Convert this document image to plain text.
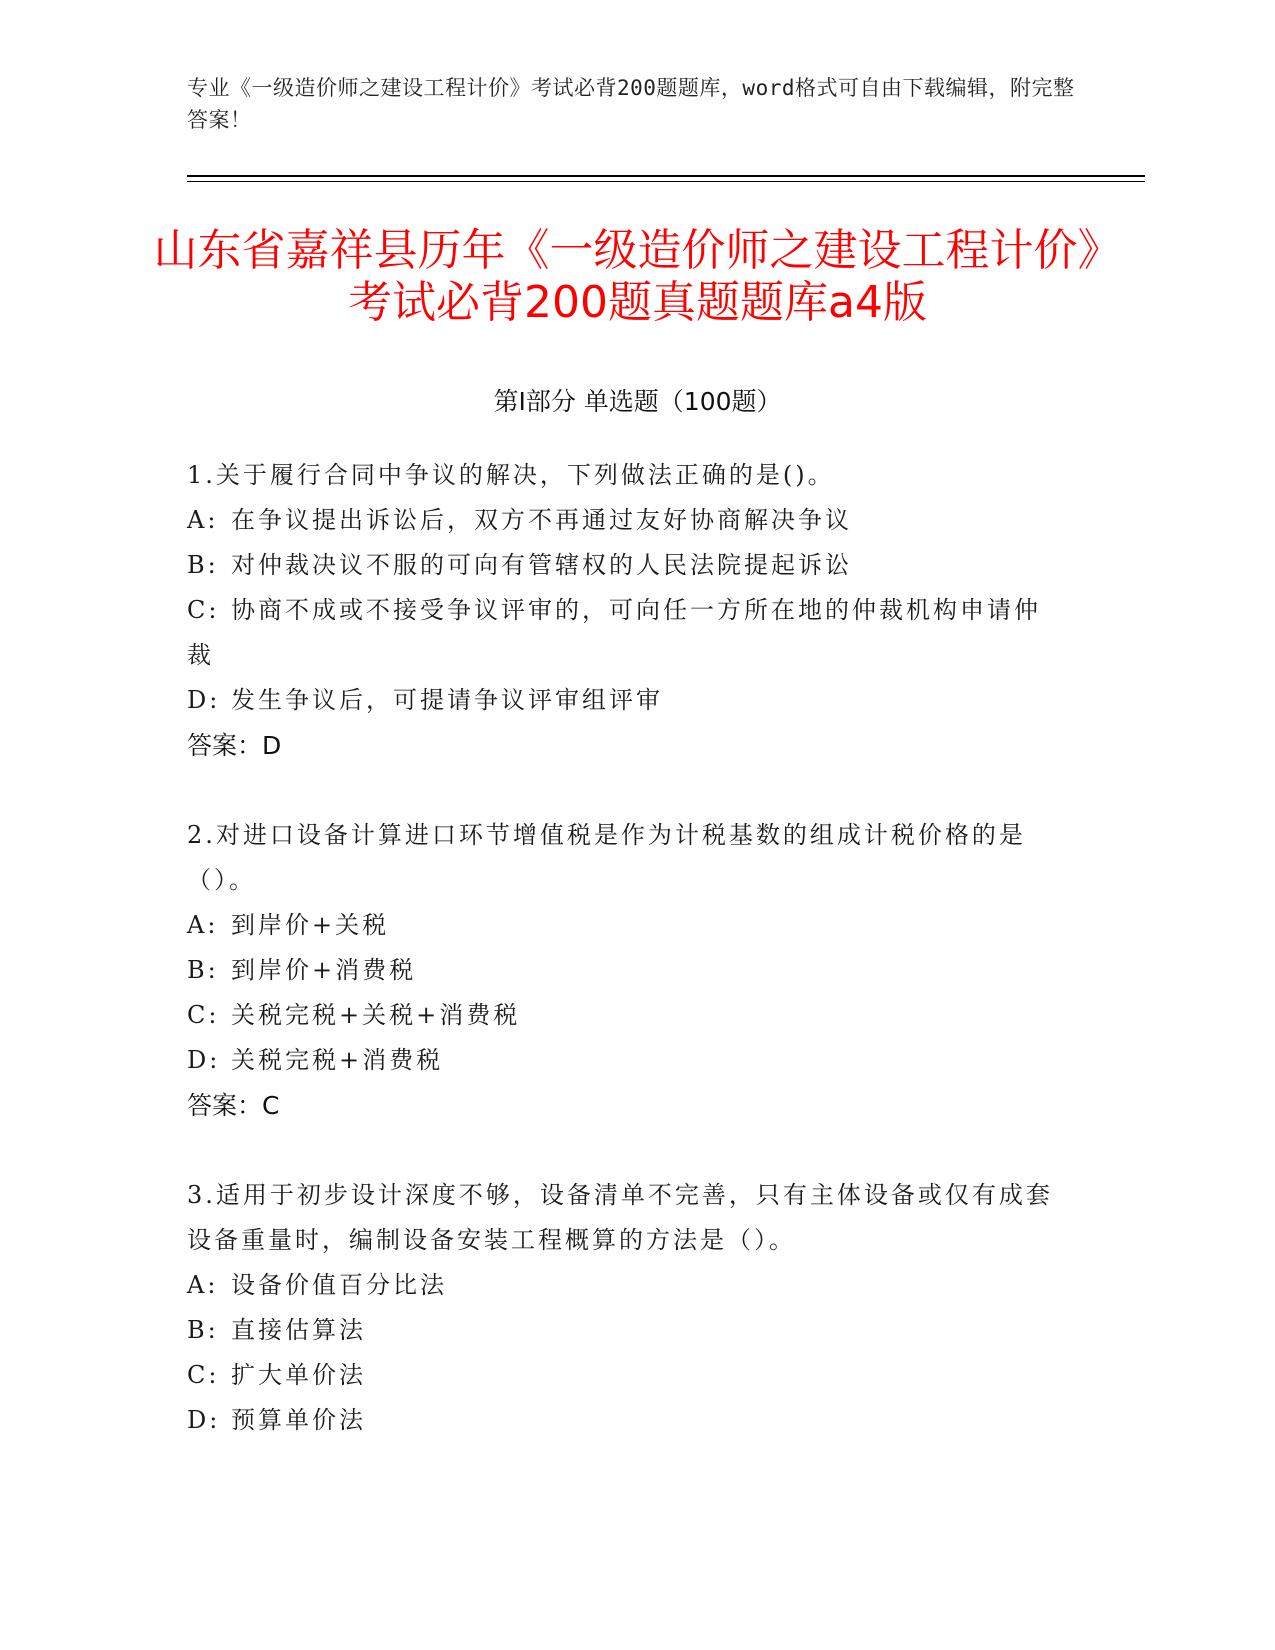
专业《一级造价师之建设工程计价》考试必背200题题库，word格式可自由下载编辑，附完整答案！
山东省嘉祥县历年《一级造价师之建设工程计价》考试必背200题真题题库a4版
第I部分 单选题（100题）
1.关于履行合同中争议的解决，下列做法正确的是()。
A: 在争议提出诉讼后，双方不再通过友好协商解决争议
B: 对仲裁决议不服的可向有管辖权的人民法院提起诉讼
C: 协商不成或不接受争议评审的，可向任一方所在地的仲裁机构申请仲裁
D: 发生争议后，可提请争议评审组评审
答案：D
2.对进口设备计算进口环节增值税是作为计税基数的组成计税价格的是（）。
A: 到岸价+关税
B: 到岸价+消费税
C: 关税完税+关税+消费税
D: 关税完税+消费税
答案：C
3.适用于初步设计深度不够，设备清单不完善，只有主体设备或仅有成套设备重量时，编制设备安装工程概算的方法是（）。
A: 设备价值百分比法
B: 直接估算法
C: 扩大单价法
D: 预算单价法
